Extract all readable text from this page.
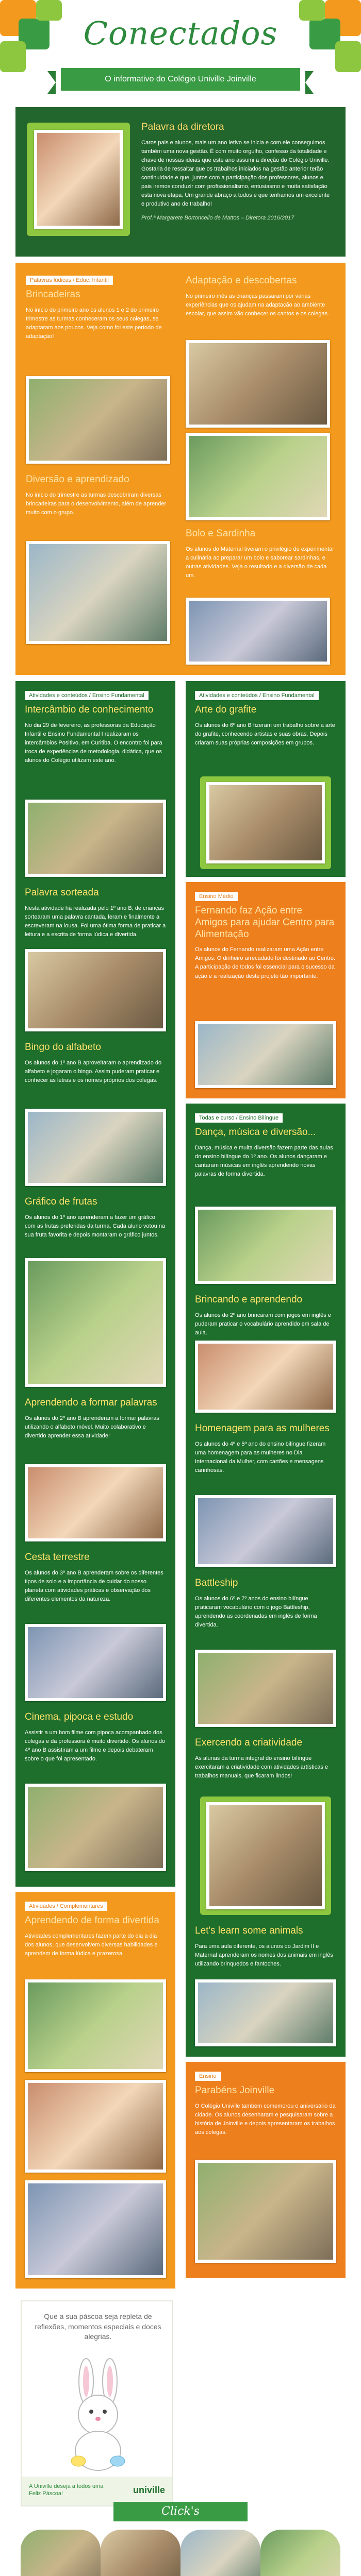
Conectados
O informativo do Colégio Univille Joinville
Palavra da diretora

Caros pais e alunos, mais um ano letivo se inicia e com ele conseguimos também uma nova gestão. É com muito orgulho, confesso da totalidade e chave de nossas ideias que este ano assumi a direção do Colégio Univille. Gostaria de ressaltar que os trabalhos iniciados na gestão anterior terão continuidade e que, juntos com a participação dos professores, alunos e pais iremos conduzir com profissionalismo, entusiasmo e muita satisfação esta nova etapa. Um grande abraço a todos e que tenhamos um excelente e produtivo ano de trabalho!

Prof.ª Margarete Bortoncello de Mattos – Diretora 2016/2017

Palavras lúdicas / Educ. Infantil
Brincadeiras

No início do primeiro ano os alunos 1 e 2 do primeiro trimestre as turmas conheceram os seus colegas, se adaptaram aos poucos. Veja como foi este período de adaptação!

Diversão e aprendizado

No início do trimestre as turmas descobriram diversas brincadeiras para o desenvolvimento, além de aprender muito com o grupo.

Adaptação e descobertas

No primeiro mês as crianças passaram por várias experiências que os ajudam na adaptação ao ambiente escolar, que assim vão conhecer os cantos e os colegas.

Bolo e Sardinha

Os alunos do Maternal tiveram o privilégio de experimentar a culinária ao preparar um bolo e saborear sardinhas, e outras atividades. Veja o resultado e a diversão de cada um.

Atividades e conteúdos / Ensino Fundamental
Intercâmbio de conhecimento

No dia 29 de fevereiro, as professoras da Educação Infantil e Ensino Fundamental I realizaram os intercâmbios Positivo, em Curitiba. O encontro foi para troca de experiências de metodologia, didática, que os alunos do Colégio utilizam este ano.

Palavra sorteada

Nesta atividade há realizada pelo 1º ano B, de crianças sortearam uma palavra cantada, leram e finalmente a escreveram na lousa. Foi uma ótima forma de praticar a leitura e a escrita de forma lúdica e divertida.

Bingo do alfabeto

Os alunos do 1º ano B aproveitaram o aprendizado do alfabeto e jogaram o bingo. Assim puderam praticar e conhecer as letras e os nomes próprios dos colegas.

Gráfico de frutas

Os alunos do 1º ano aprenderam a fazer um gráfico com as frutas preferidas da turma. Cada aluno votou na sua fruta favorita e depois montaram o gráfico juntos.

Aprendendo a formar palavras

Os alunos do 2º ano B aprenderam a formar palavras utilizando o alfabeto móvel. Muito colaborativo e divertido aprender essa atividade!

Cesta terrestre

Os alunos do 3º ano B aprenderam sobre os diferentes tipos de solo e a importância de cuidar do nosso planeta com atividades práticas e observação dos diferentes elementos da natureza.

Cinema, pipoca e estudo

Assistir a um bom filme com pipoca acompanhado dos colegas e da professora é muito divertido. Os alunos do 4º ano B assistiram a um filme e depois debateram sobre o que foi apresentado.

Atividades e conteúdos / Ensino Fundamental
Arte do grafite

Os alunos do 6º ano B fizeram um trabalho sobre a arte do grafite, conhecendo artistas e suas obras. Depois criaram suas próprias composições em grupos.

Ensino Médio
Fernando faz Ação entre Amigos para ajudar Centro para Alimentação

Os alunos do Fernando realizaram uma Ação entre Amigos. O dinheiro arrecadado foi destinado ao Centro. A participação de todos foi essencial para o sucesso da ação e a realização deste projeto tão importante.

Todas e curso / Ensino Bilíngue
Dança, música e diversão...

Dança, música e muita diversão fazem parte das aulas do ensino bilíngue do 1º ano. Os alunos dançaram e cantaram músicas em inglês aprendendo novas palavras de forma divertida.

Brincando e aprendendo

Os alunos do 2º ano brincaram com jogos em inglês e puderam praticar o vocabulário aprendido em sala de aula.

Homenagem para as mulheres

Os alunos do 4º e 5º ano do ensino bilíngue fizeram uma homenagem para as mulheres no Dia Internacional da Mulher, com cartões e mensagens carinhosas.

Battleship

Os alunos do 6º e 7º anos do ensino bilíngue praticaram vocabulário com o jogo Battleship, aprendendo as coordenadas em inglês de forma divertida.

Exercendo a criatividade

As alunas da turma integral do ensino bilíngue exercitaram a criatividade com atividades artísticas e trabalhos manuais, que ficaram lindos!

Let's learn some animals

Para uma aula diferente, os alunos do Jardim II e Maternal aprenderam os nomes dos animais em inglês utilizando brinquedos e fantoches.

Atividades / Complementares
Aprendendo de forma divertida

Atividades complementares fazem parte do dia a dia dos alunos, que desenvolvem diversas habilidades e aprendem de forma lúdica e prazerosa.

Ensino
Parabéns Joinville

O Colégio Univille também comemorou o aniversário da cidade. Os alunos desenharam e pesquisaram sobre a história de Joinville e depois apresentaram os trabalhos aos colegas.

Que a sua páscoa seja repleta de reflexões, momentos especiais e doces alegrias.
A Univille deseja a todos uma Feliz Páscoa!	univille
Click's
